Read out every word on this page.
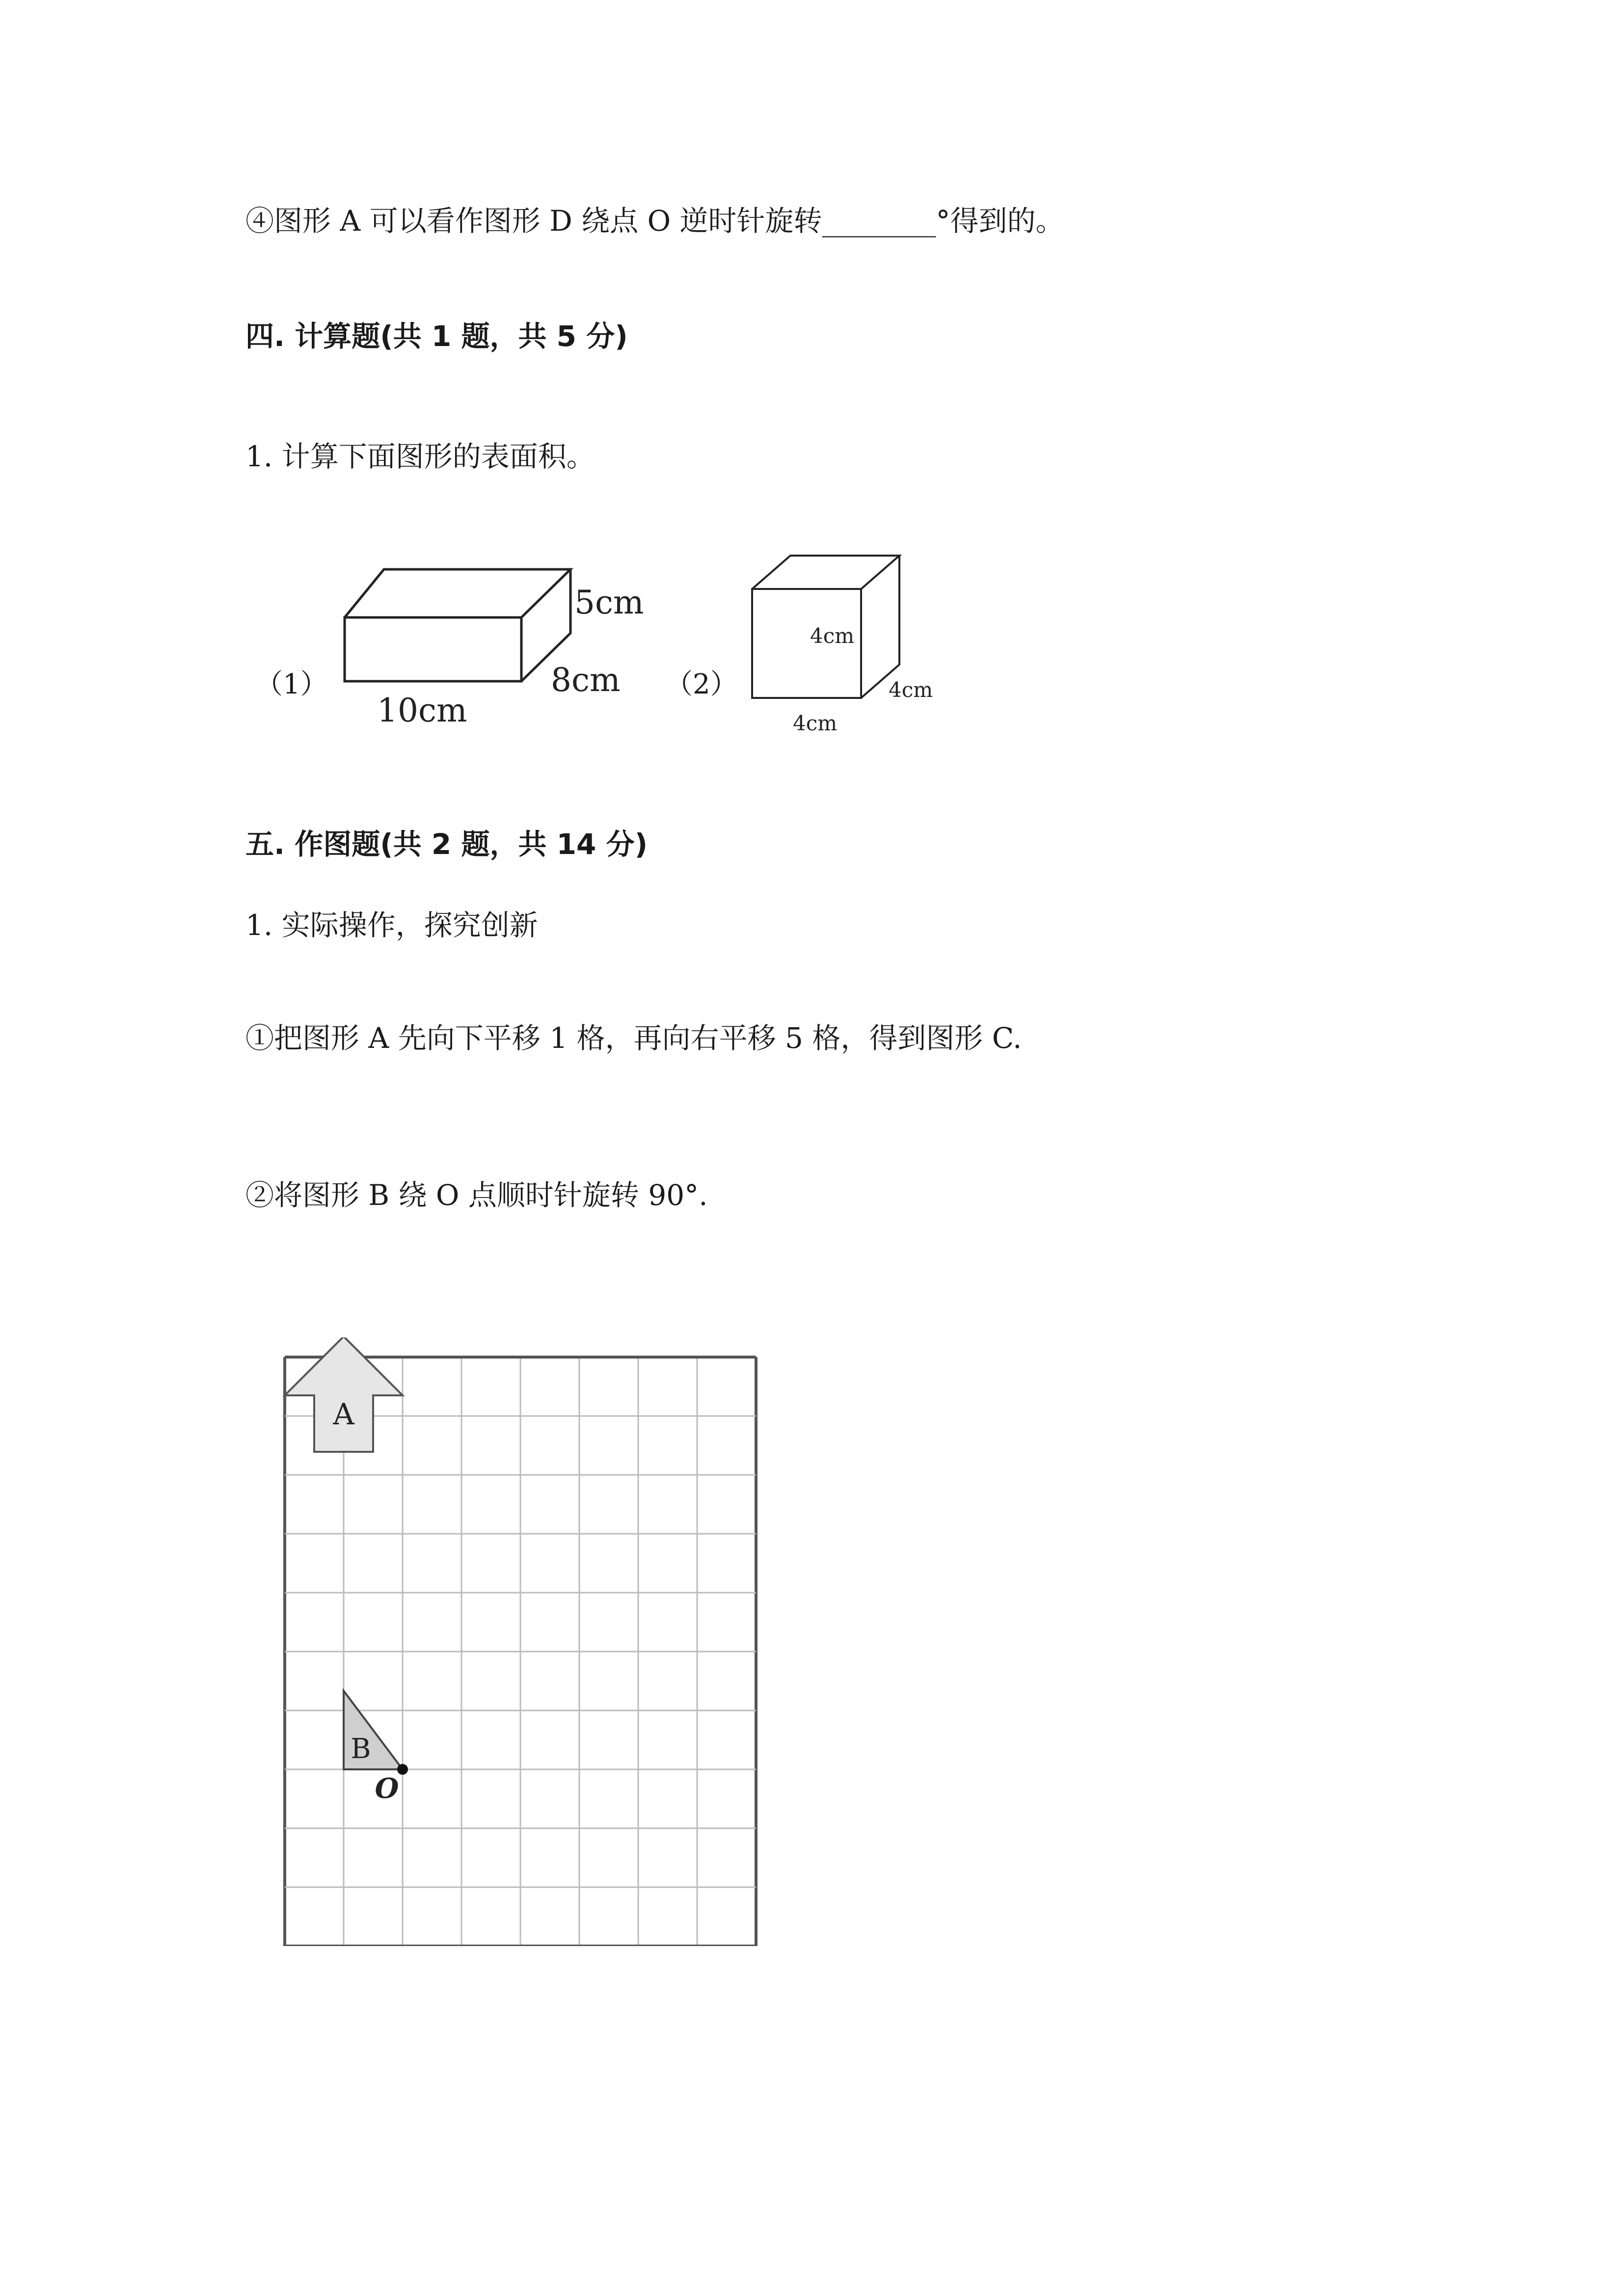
④图形 A 可以看作图形 D 绕点 O 逆时针旋转________°得到的。
四. 计算题(共 1 题，共 5 分)
1. 计算下面图形的表面积。
（1）
5cm
8cm
10cm
（2）
4cm
4cm
4cm
五. 作图题(共 2 题，共 14 分)
1. 实际操作，探究创新
①把图形 A 先向下平移 1 格，再向右平移 5 格，得到图形 C.
②将图形 B 绕 O 点顺时针旋转 90°.
A
B
O
